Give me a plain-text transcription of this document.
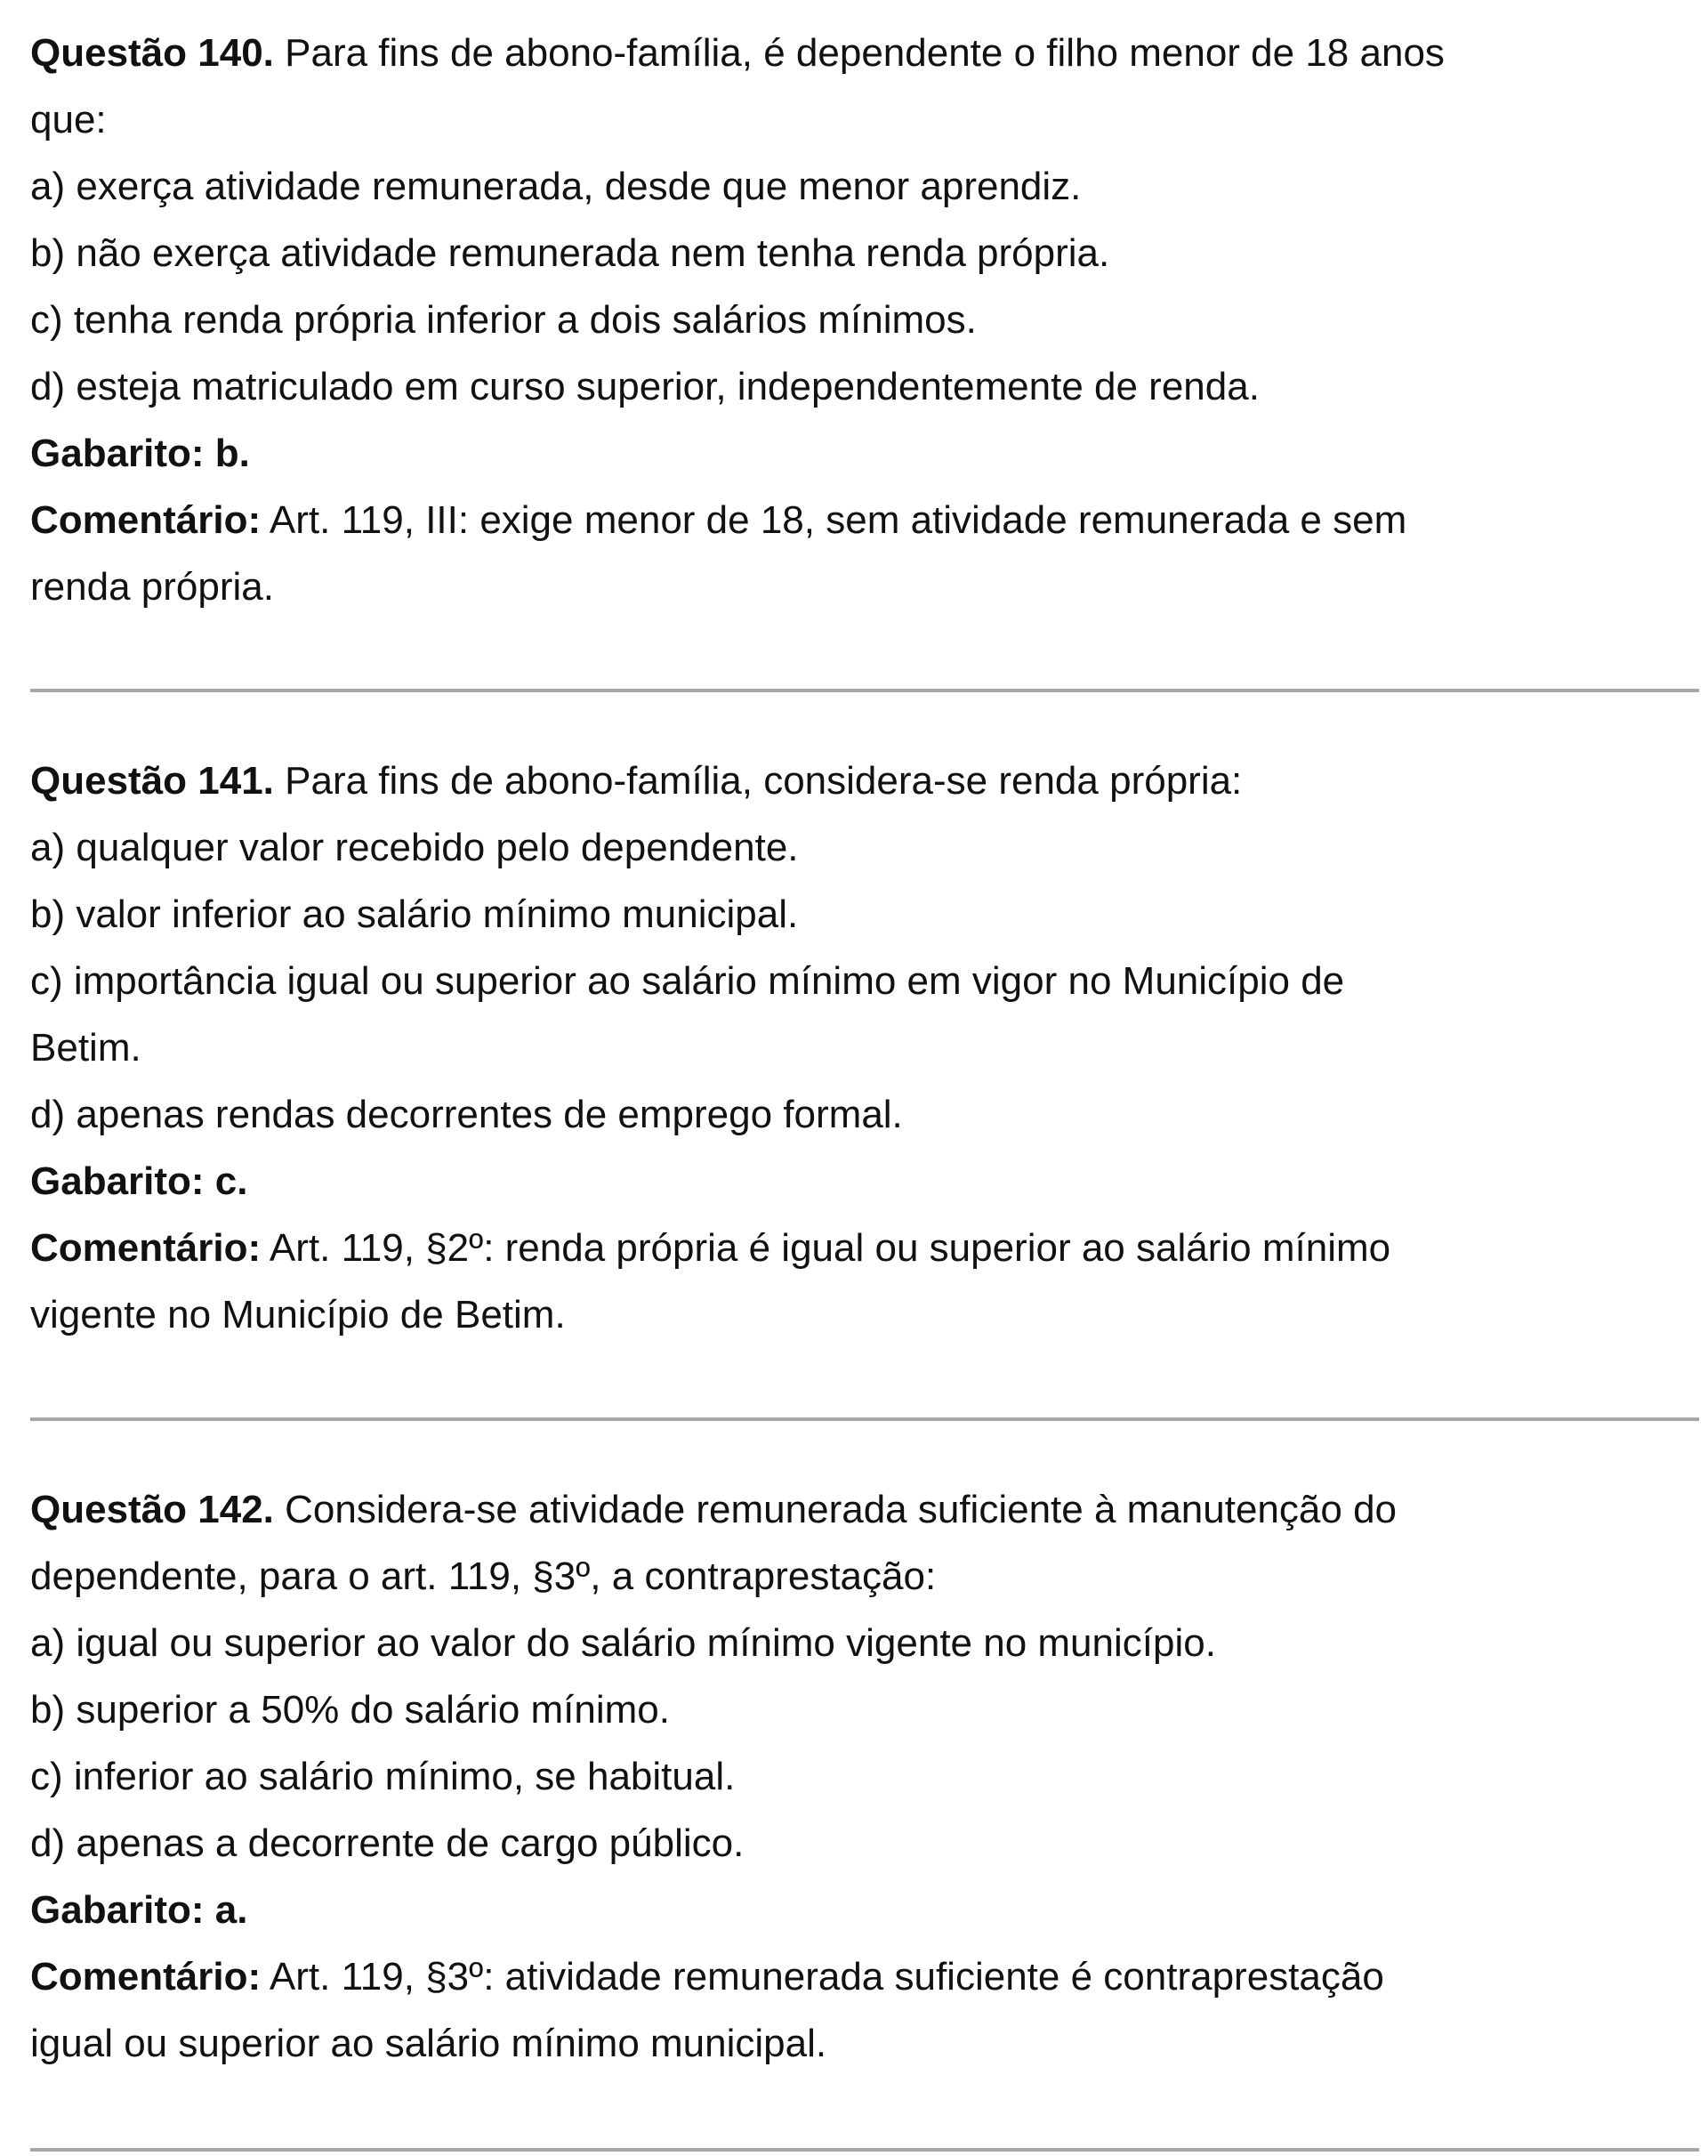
Questão 140. Para fins de abono-família, é dependente o filho menor de 18 anos
que:
a) exerça atividade remunerada, desde que menor aprendiz.
b) não exerça atividade remunerada nem tenha renda própria.
c) tenha renda própria inferior a dois salários mínimos.
d) esteja matriculado em curso superior, independentemente de renda.
Gabarito: b.
Comentário: Art. 119, III: exige menor de 18, sem atividade remunerada e sem
renda própria.
Questão 141. Para fins de abono-família, considera-se renda própria:
a) qualquer valor recebido pelo dependente.
b) valor inferior ao salário mínimo municipal.
c) importância igual ou superior ao salário mínimo em vigor no Município de
Betim.
d) apenas rendas decorrentes de emprego formal.
Gabarito: c.
Comentário: Art. 119, §2º: renda própria é igual ou superior ao salário mínimo
vigente no Município de Betim.
Questão 142. Considera-se atividade remunerada suficiente à manutenção do
dependente, para o art. 119, §3º, a contraprestação:
a) igual ou superior ao valor do salário mínimo vigente no município.
b) superior a 50% do salário mínimo.
c) inferior ao salário mínimo, se habitual.
d) apenas a decorrente de cargo público.
Gabarito: a.
Comentário: Art. 119, §3º: atividade remunerada suficiente é contraprestação
igual ou superior ao salário mínimo municipal.
